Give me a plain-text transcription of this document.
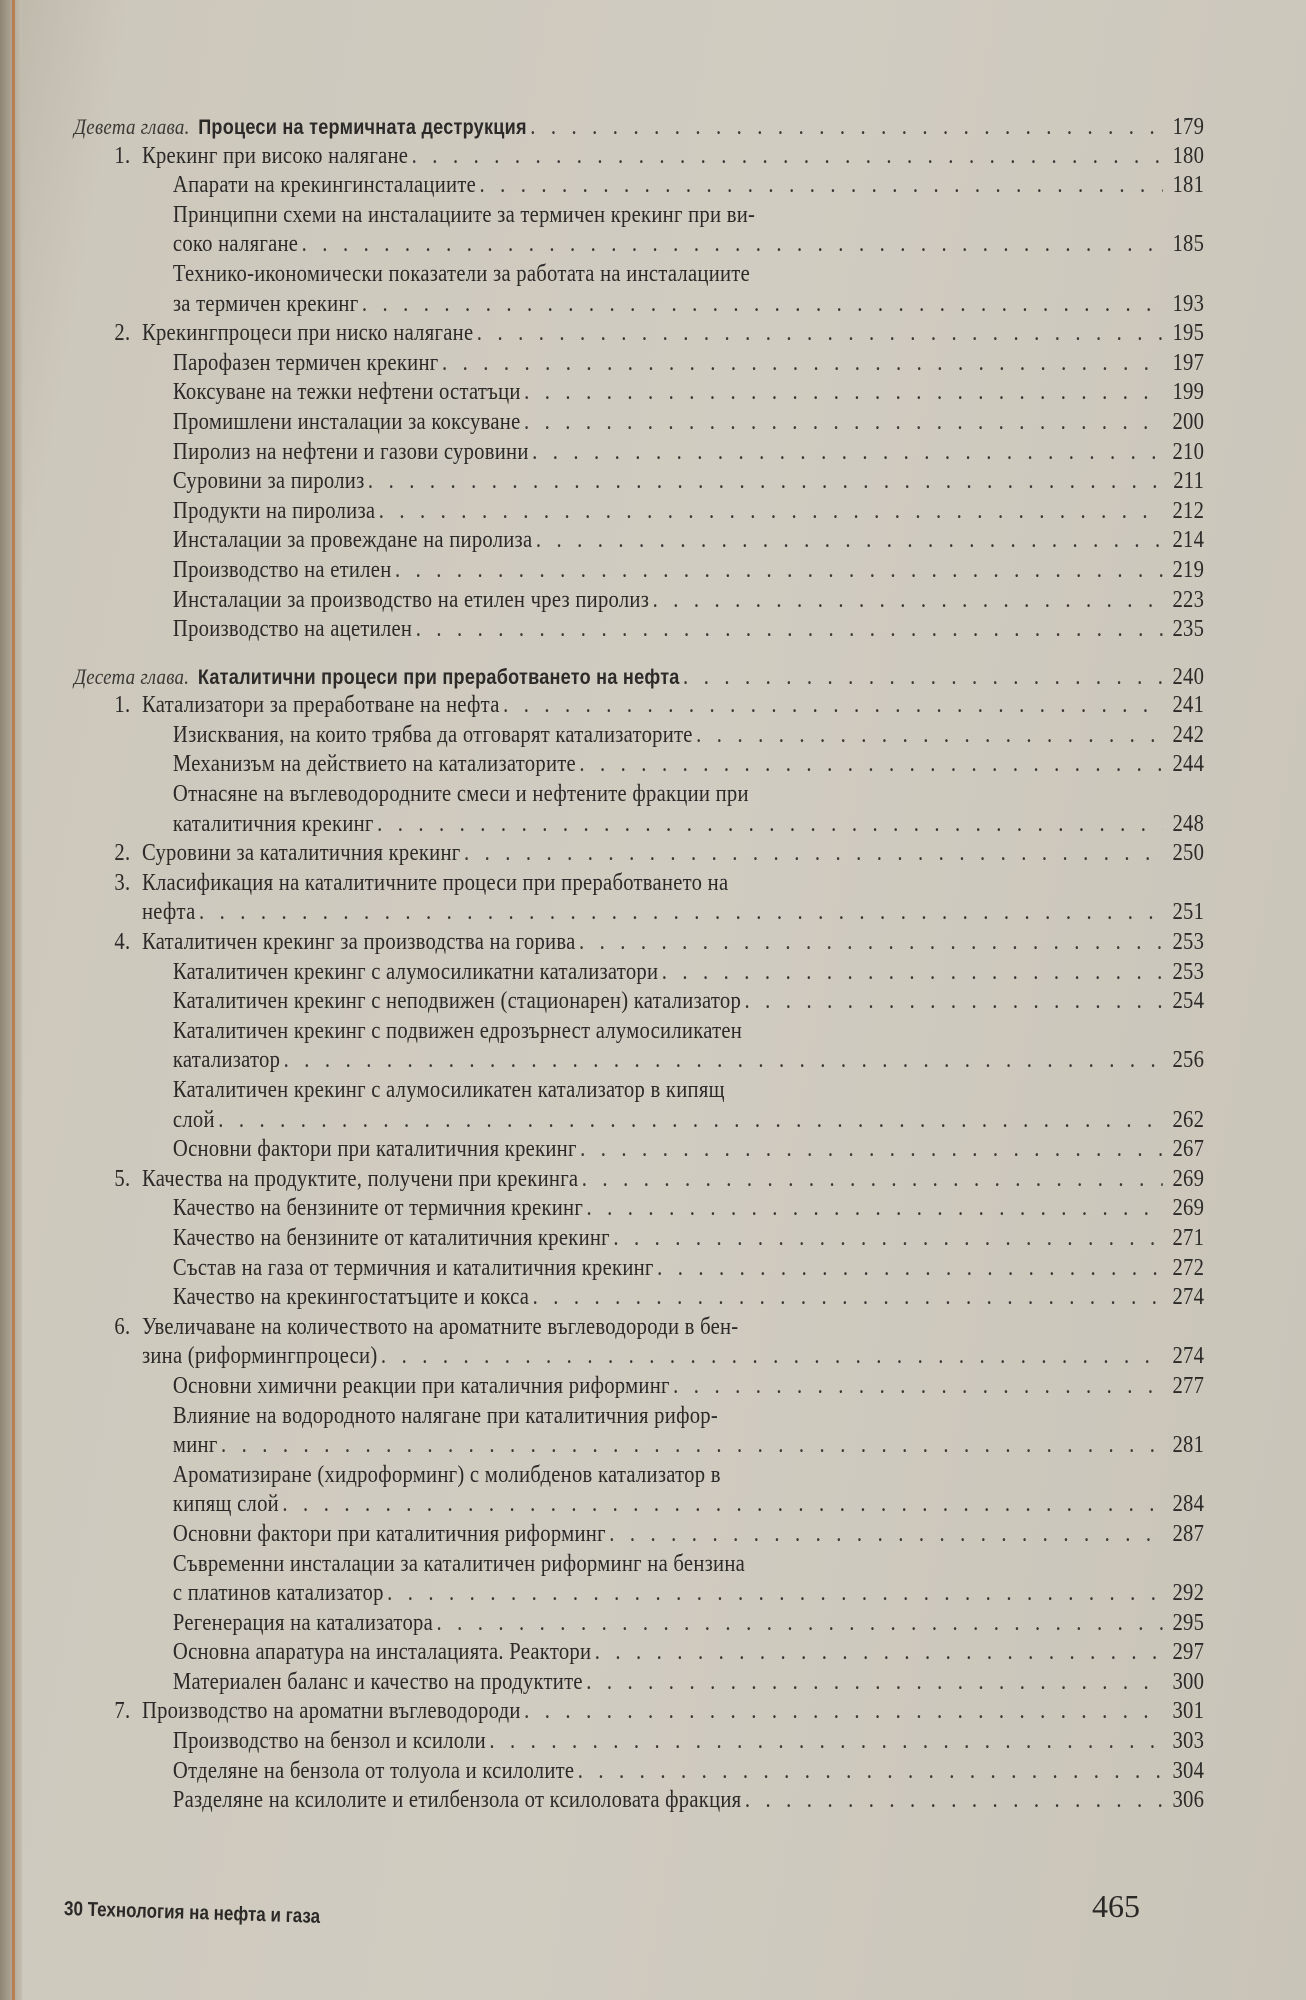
Девета глава. Процеси на термичната деструкция . . .	179
1. Крекинг при високо налягане . . .	180
Апарати на крекингинсталациите . . .	181
Принципни схеми на инсталациите за термичен крекинг при ви-
соко налягане . . .	185
Технико-икономически показатели за работата на инсталациите
за термичен крекинг . . .	193
2. Крекингпроцеси при ниско налягане . . .	195
Парофазен термичен крекинг . . .	197
Коксуване на тежки нефтени остатъци . . .	199
Промишлени инсталации за коксуване . . .	200
Пиролиз на нефтени и газови суровини . . .	210
Суровини за пиролиз . . .	211
Продукти на пиролиза . . .	212
Инсталации за провеждане на пиролиза . . .	214
Производство на етилен . . .	219
Инсталации за производство на етилен чрез пиролиз . . .	223
Производство на ацетилен . . .	235
Десета глава. Каталитични процеси при преработването на нефта . . .	240
1. Катализатори за преработване на нефта . . .	241
Изисквания, на които трябва да отговарят катализаторите . . .	242
Механизъм на действието на катализаторите . . .	244
Отнасяне на въглеводородните смеси и нефтените фракции при
каталитичния крекинг . . .	248
2. Суровини за каталитичния крекинг . . .	250
3. Класификация на каталитичните процеси при преработването на
нефта . . .	251
4. Каталитичен крекинг за производства на горива . . .	253
Каталитичен крекинг с алумосиликатни катализатори . . .	253
Каталитичен крекинг с неподвижен (стационарен) катализатор . . .	254
Каталитичен крекинг с подвижен едрозърнест алумосиликатен
катализатор . . .	256
Каталитичен крекинг с алумосиликатен катализатор в кипящ
слой . . .	262
Основни фактори при каталитичния крекинг . . .	267
5. Качества на продуктите, получени при крекинга . . .	269
Качество на бензините от термичния крекинг . . .	269
Качество на бензините от каталитичния крекинг . . .	271
Състав на газа от термичния и каталитичния крекинг . . .	272
Качество на крекингостатъците и кокса . . .	274
6. Увеличаване на количеството на ароматните въглеводороди в бен-
зина (риформингпроцеси) . . .	274
Основни химични реакции при каталичния риформинг . . .	277
Влияние на водородното налягане при каталитичния рифор-
минг . . .	281
Ароматизиране (хидроформинг) с молибденов катализатор в
кипящ слой . . .	284
Основни фактори при каталитичния риформинг . . .	287
Съвременни инсталации за каталитичен риформинг на бензина
с платинов катализатор . . .	292
Регенерация на катализатора . . .	295
Основна апаратура на инсталацията. Реактори . . .	297
Материален баланс и качество на продуктите . . .	300
7. Производство на ароматни въглеводороди . . .	301
Производство на бензол и ксилоли . . .	303
Отделяне на бензола от толуола и ксилолите . . .	304
Разделяне на ксилолите и етилбензола от ксилоловата фракция . . .	306
30 Технология на нефта и газа	465
